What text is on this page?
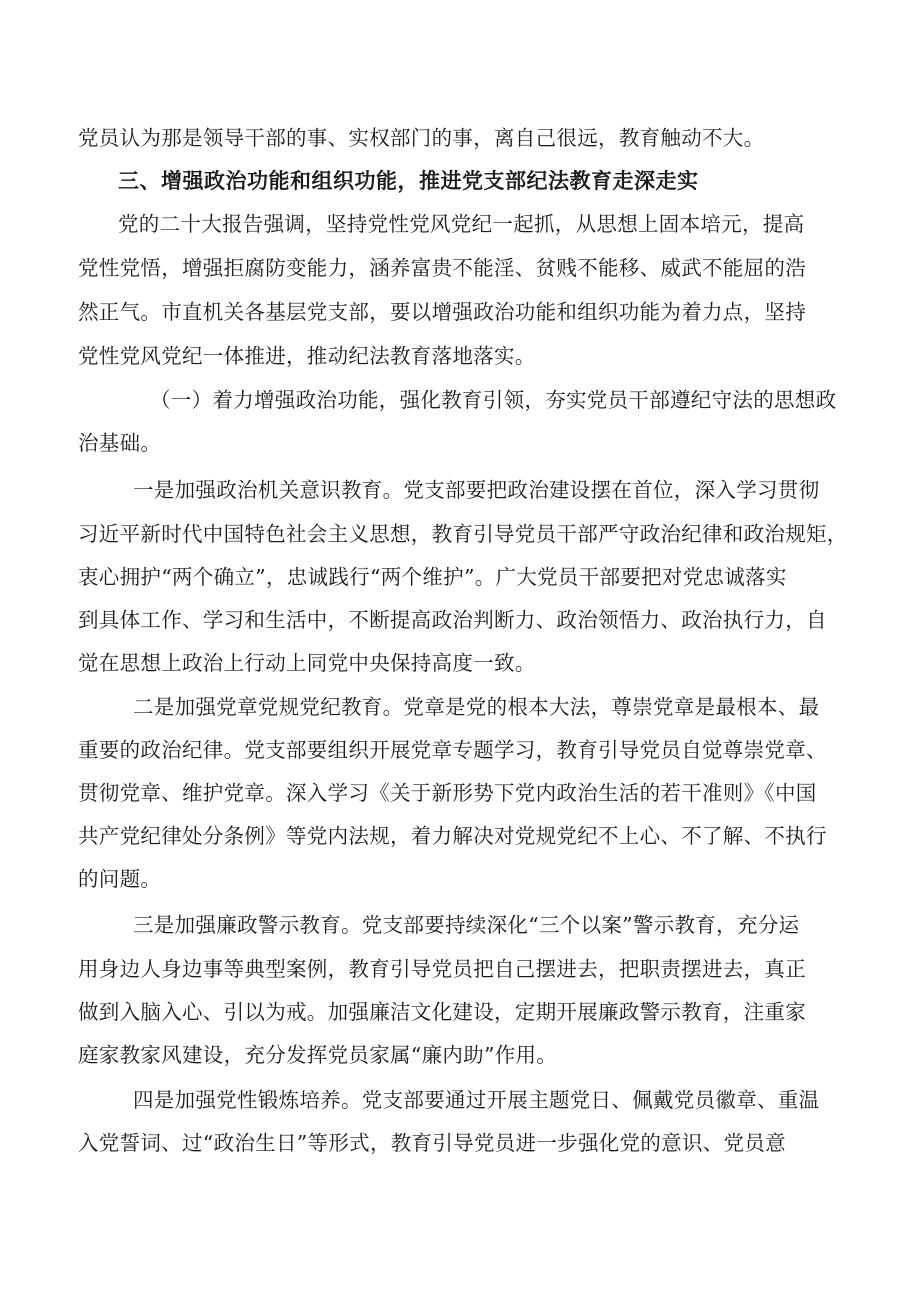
党员认为那是领导干部的事、实权部门的事，离自己很远，教育触动不大。
三、增强政治功能和组织功能，推进党支部纪法教育走深走实
党的二十大报告强调，坚持党性党风党纪一起抓，从思想上固本培元，提高
党性党悟，增强拒腐防变能力，涵养富贵不能淫、贫贱不能移、威武不能屈的浩
然正气。市直机关各基层党支部，要以增强政治功能和组织功能为着力点，坚持
党性党风党纪一体推进，推动纪法教育落地落实。
（一）着力增强政治功能，强化教育引领，夯实党员干部遵纪守法的思想政
治基础。
一是加强政治机关意识教育。党支部要把政治建设摆在首位，深入学习贯彻
习近平新时代中国特色社会主义思想，教育引导党员干部严守政治纪律和政治规矩，
衷心拥护“两个确立”，忠诚践行“两个维护”。广大党员干部要把对党忠诚落实
到具体工作、学习和生活中，不断提高政治判断力、政治领悟力、政治执行力，自
觉在思想上政治上行动上同党中央保持高度一致。
二是加强党章党规党纪教育。党章是党的根本大法，尊崇党章是最根本、最
重要的政治纪律。党支部要组织开展党章专题学习，教育引导党员自觉尊崇党章、
贯彻党章、维护党章。深入学习《关于新形势下党内政治生活的若干准则》《中国
共产党纪律处分条例》等党内法规，着力解决对党规党纪不上心、不了解、不执行
的问题。
三是加强廉政警示教育。党支部要持续深化“三个以案”警示教育，充分运
用身边人身边事等典型案例，教育引导党员把自己摆进去，把职责摆进去，真正
做到入脑入心、引以为戒。加强廉洁文化建设，定期开展廉政警示教育，注重家
庭家教家风建设，充分发挥党员家属“廉内助”作用。
四是加强党性锻炼培养。党支部要通过开展主题党日、佩戴党员徽章、重温
入党誓词、过“政治生日”等形式，教育引导党员进一步强化党的意识、党员意
